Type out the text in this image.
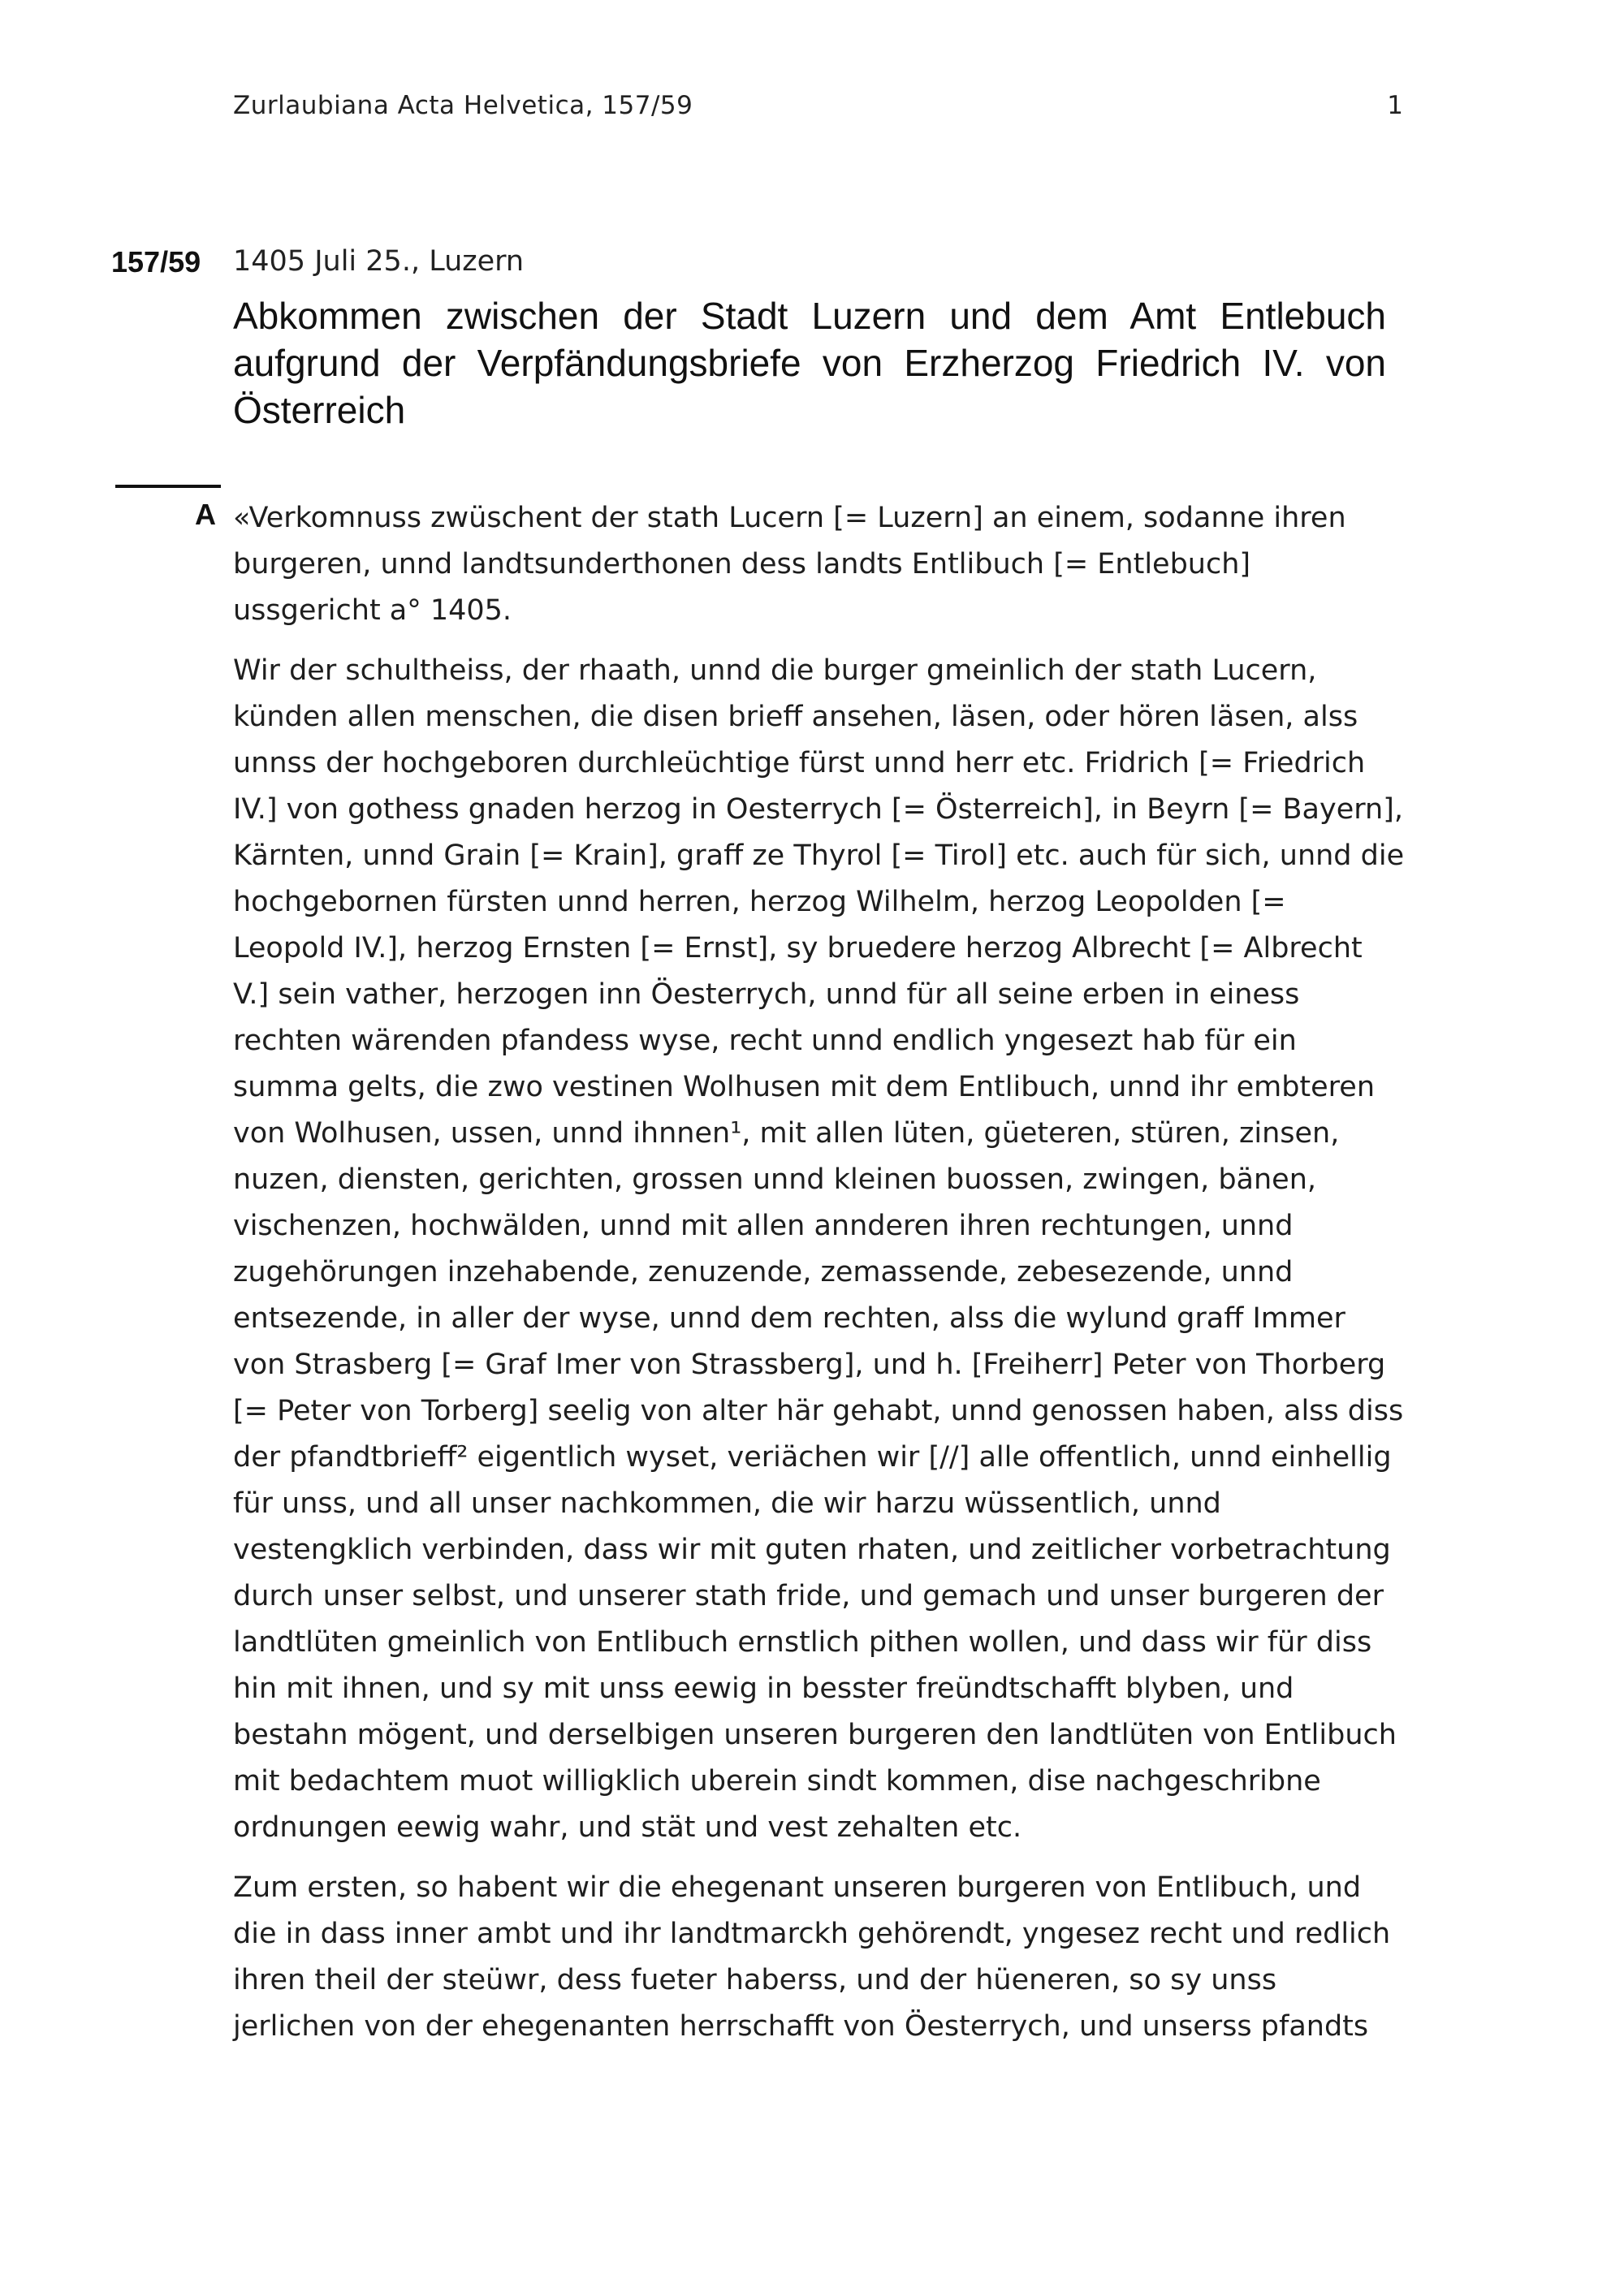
Zurlaubiana Acta Helvetica, 157/59	1
157/59 1405 Juli 25., Luzern
Abkommen zwischen der Stadt Luzern und dem Amt Entlebuch aufgrund der Verpfändungsbriefe von Erzherzog Friedrich IV. von Österreich
A «Verkomnuss zwüschent der stath Lucern [= Luzern] an einem, sodanne ihren burgeren, unnd landtsunderthonen dess landts Entlibuch [= Entlebuch] ussgericht a° 1405.

Wir der schultheiss, der rhaath, unnd die burger gmeinlich der stath Lucern, künden allen menschen, die disen brieff ansehen, läsen, oder hören läsen, alss unnss der hochgeboren durchleüchtige fürst unnd herr etc. Fridrich [= Friedrich IV.] von gothess gnaden herzog in Oesterrych [= Österreich], in Beyrn [= Bayern], Kärnten, unnd Grain [= Krain], graff ze Thyrol [= Tirol] etc. auch für sich, unnd die hochgebornen fürsten unnd herren, herzog Wilhelm, herzog Leopolden [= Leopold IV.], herzog Ernsten [= Ernst], sy bruedere herzog Albrecht [= Albrecht V.] sein vather, herzogen inn Öesterrych, unnd für all seine erben in einess rechten wärenden pfandess wyse, recht unnd endlich yngesezt hab für ein summa gelts, die zwo vestinen Wolhusen mit dem Entlibuch, unnd ihr embteren von Wolhusen, ussen, unnd ihnnen¹, mit allen lüten, güeteren, stüren, zinsen, nuzen, diensten, gerichten, grossen unnd kleinen buossen, zwingen, bänen, vischenzen, hochwälden, unnd mit allen annderen ihren rechtungen, unnd zugehörungen inzehabende, zenuzende, zemassende, zebesezende, unnd entsezende, in aller der wyse, unnd dem rechten, alss die wylund graff Immer von Strasberg [= Graf Imer von Strassberg], und h. [Freiherr] Peter von Thorberg [= Peter von Torberg] seelig von alter här gehabt, unnd genossen haben, alss diss der pfandtbrieff² eigentlich wyset, veriächen wir [//] alle offentlich, unnd einhellig für unss, und all unser nachkommen, die wir harzu wüssentlich, unnd vestengklich verbinden, dass wir mit guten rhaten, und zeitlicher vorbetrachtung durch unser selbst, und unserer stath fride, und gemach und unser burgeren der landtlüten gmeinlich von Entlibuch ernstlich pithen wollen, und dass wir für diss hin mit ihnen, und sy mit unss eewig in besster freündtschafft blyben, und bestahn mögent, und derselbigen unseren burgeren den landtlüten von Entlibuch mit bedachtem muot willigklich uberein sindt kommen, dise nachgeschribne ordnungen eewig wahr, und stät und vest zehalten etc.

Zum ersten, so habent wir die ehegenant unseren burgeren von Entlibuch, und die in dass inner ambt und ihr landtmarckh gehörendt, yngesez recht und redlich ihren theil der steüwr, dess fueter haberss, und der hüeneren, so sy unss jerlichen von der ehegenanten herrschafft von Öesterrych, und unserss pfandts
